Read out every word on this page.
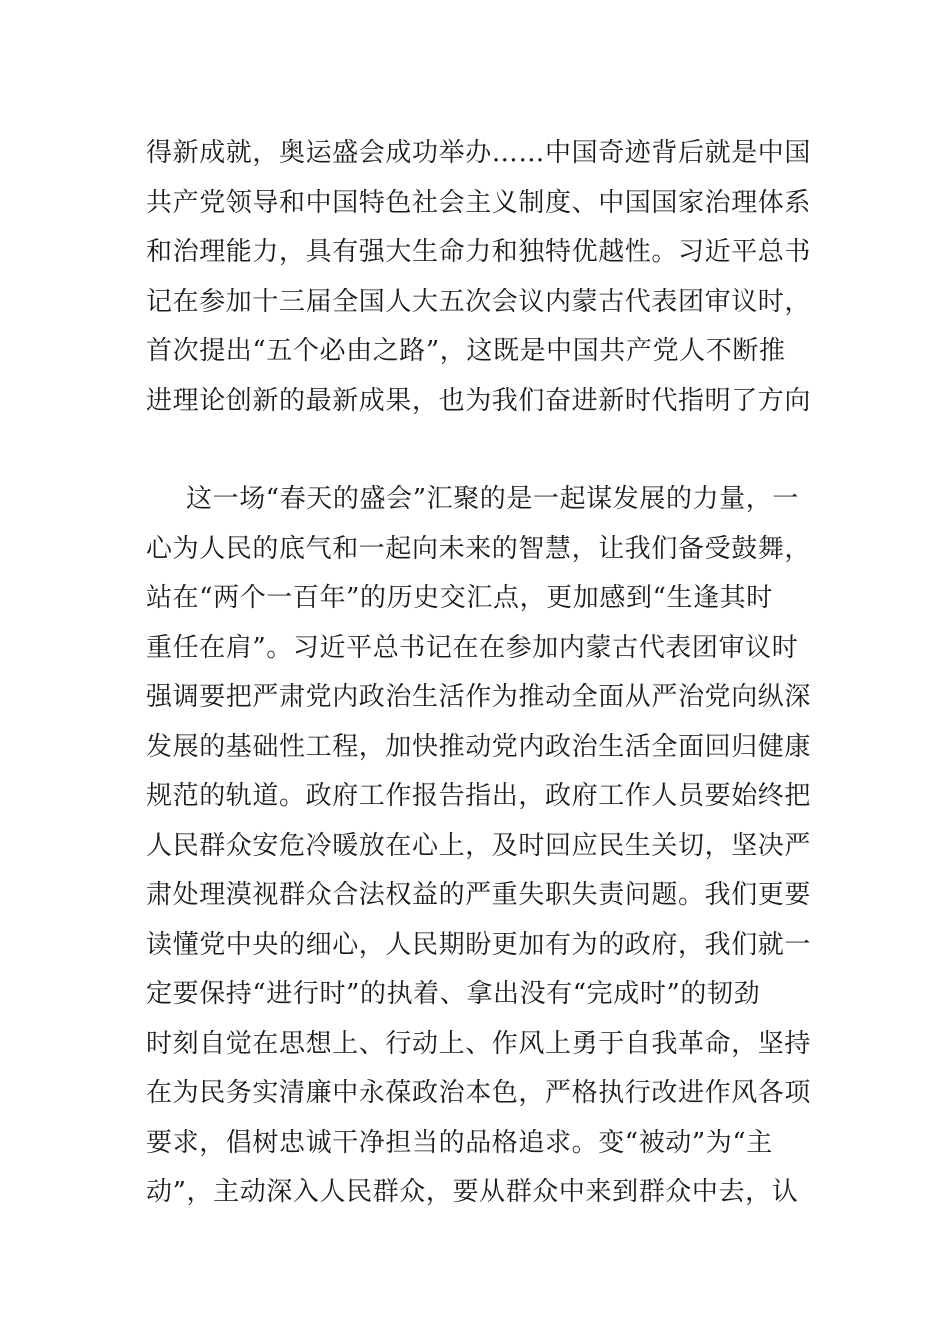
得新成就，奥运盛会成功举办……中国奇迹背后就是中国

共产党领导和中国特色社会主义制度、中国国家治理体系

和治理能力，具有强大生命力和独特优越性。习近平总书

记在参加十三届全国人大五次会议内蒙古代表团审议时，

首次提出“五个必由之路”，这既是中国共产党人不断推

进理论创新的最新成果，也为我们奋进新时代指明了方向

这一场“春天的盛会”汇聚的是一起谋发展的力量，一

心为人民的底气和一起向未来的智慧，让我们备受鼓舞，

站在“两个一百年”的历史交汇点，更加感到“生逢其时

重任在肩”。习近平总书记在在参加内蒙古代表团审议时

强调要把严肃党内政治生活作为推动全面从严治党向纵深

发展的基础性工程，加快推动党内政治生活全面回归健康

规范的轨道。政府工作报告指出，政府工作人员要始终把

人民群众安危冷暖放在心上，及时回应民生关切，坚决严

肃处理漠视群众合法权益的严重失职失责问题。我们更要

读懂党中央的细心，人民期盼更加有为的政府，我们就一

定要保持“进行时”的执着、拿出没有“完成时”的韧劲

时刻自觉在思想上、行动上、作风上勇于自我革命，坚持

在为民务实清廉中永葆政治本色，严格执行改进作风各项

要求，倡树忠诚干净担当的品格追求。变“被动”为“主

动”，主动深入人民群众，要从群众中来到群众中去，认
